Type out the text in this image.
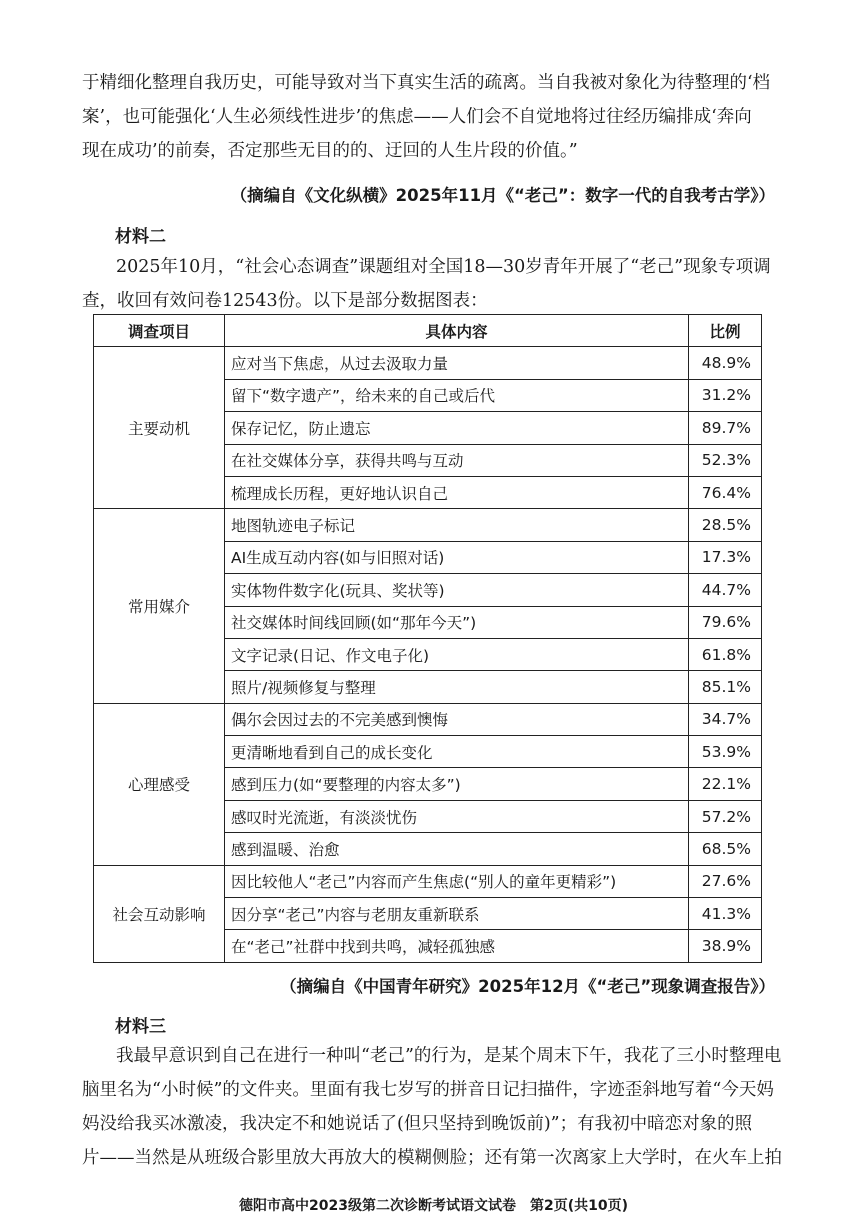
于精细化整理自我历史，可能导致对当下真实生活的疏离。当自我被对象化为待整理的‘档
案’，也可能强化‘人生必须线性进步’的焦虑——人们会不自觉地将过往经历编排成‘奔向
现在成功’的前奏，否定那些无目的的、迂回的人生片段的价值。”
（摘编自《文化纵横》2025年11月《“老己”：数字一代的自我考古学》）
材料二
2025年10月，“社会心态调查”课题组对全国18—30岁青年开展了“老己”现象专项调
查，收回有效问卷12543份。以下是部分数据图表：
调查项目	具体内容	比例
主要动机	应对当下焦虑，从过去汲取力量	48.9%
	留下“数字遗产”，给未来的自己或后代	31.2%
	保存记忆，防止遗忘	89.7%
	在社交媒体分享，获得共鸣与互动	52.3%
	梳理成长历程，更好地认识自己	76.4%
常用媒介	地图轨迹电子标记	28.5%
	AI生成互动内容(如与旧照对话)	17.3%
	实体物件数字化(玩具、奖状等)	44.7%
	社交媒体时间线回顾(如“那年今天”)	79.6%
	文字记录(日记、作文电子化)	61.8%
	照片/视频修复与整理	85.1%
心理感受	偶尔会因过去的不完美感到懊悔	34.7%
	更清晰地看到自己的成长变化	53.9%
	感到压力(如“要整理的内容太多”)	22.1%
	感叹时光流逝，有淡淡忧伤	57.2%
	感到温暖、治愈	68.5%
社会互动影响	因比较他人“老己”内容而产生焦虑(“别人的童年更精彩”)	27.6%
	因分享“老己”内容与老朋友重新联系	41.3%
	在“老己”社群中找到共鸣，减轻孤独感	38.9%
（摘编自《中国青年研究》2025年12月《“老己”现象调查报告》）
材料三
我最早意识到自己在进行一种叫“老己”的行为，是某个周末下午，我花了三小时整理电
脑里名为“小时候”的文件夹。里面有我七岁写的拼音日记扫描件，字迹歪斜地写着“今天妈
妈没给我买冰激凌，我决定不和她说话了(但只坚持到晚饭前)”；有我初中暗恋对象的照
片——当然是从班级合影里放大再放大的模糊侧脸；还有第一次离家上大学时，在火车上拍
德阳市高中2023级第二次诊断考试语文试卷　第2页(共10页)
